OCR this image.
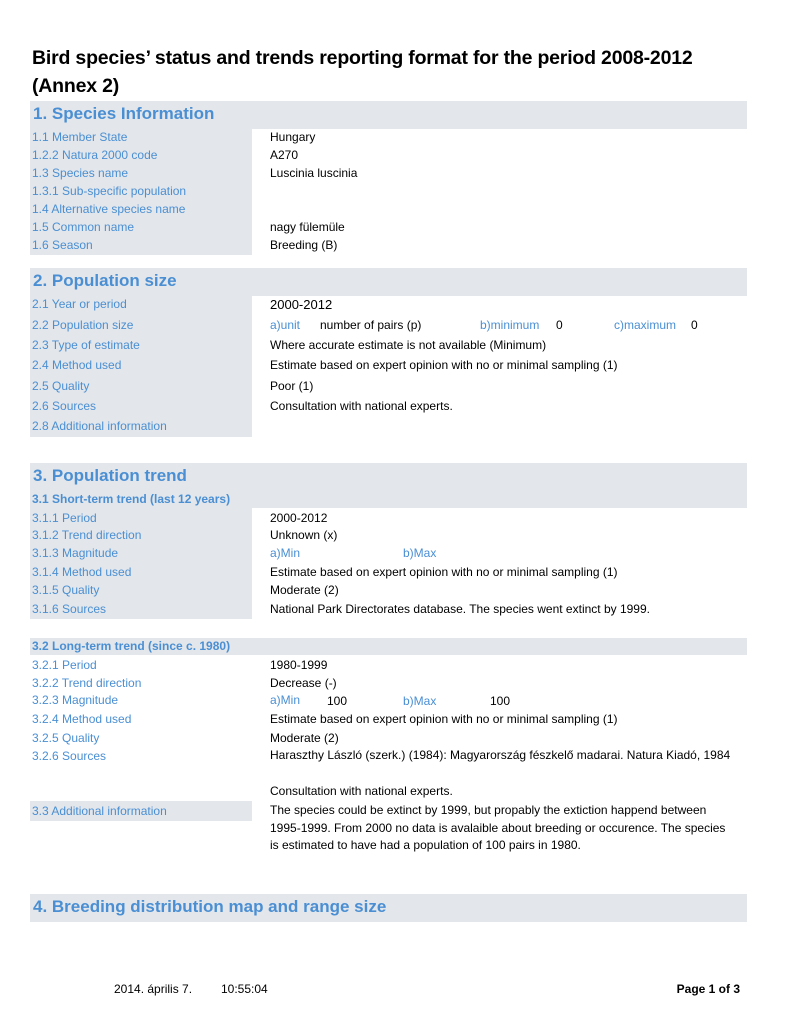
Bird species’ status and trends reporting format for the period 2008-2012 (Annex 2)
1. Species Information
1.1 Member State	Hungary
1.2.2 Natura 2000 code	A270
1.3 Species name	Luscinia luscinia
1.3.1 Sub-specific population
1.4 Alternative species name
1.5 Common name	nagy fülemüle
1.6 Season	Breeding (B)
2. Population size
2.1 Year or period	2000-2012
2.2 Population size	a)unit number of pairs (p)	b)minimum 0	c)maximum 0
2.3 Type of estimate	Where accurate estimate is not available (Minimum)
2.4 Method used	Estimate based on expert opinion with no or minimal sampling (1)
2.5 Quality	Poor (1)
2.6 Sources	Consultation with national experts.
2.8 Additional information
3. Population trend
3.1 Short-term trend (last 12 years)
3.1.1 Period	2000-2012
3.1.2 Trend direction	Unknown (x)
3.1.3 Magnitude	a)Min	b)Max
3.1.4 Method used	Estimate based on expert opinion with no or minimal sampling (1)
3.1.5 Quality	Moderate (2)
3.1.6 Sources	National Park Directorates database. The species went extinct by 1999.
3.2 Long-term trend (since c. 1980)
3.2.1 Period	1980-1999
3.2.2 Trend direction	Decrease (-)
3.2.3 Magnitude	a)Min 100	b)Max	100
3.2.4 Method used	Estimate based on expert opinion with no or minimal sampling (1)
3.2.5 Quality	Moderate (2)
3.2.6 Sources	Haraszthy László (szerk.) (1984): Magyarország fészkelő madarai. Natura Kiadó, 1984
Consultation with national experts.
3.3 Additional information	The species could be extinct by 1999, but propably the extiction happend between 1995-1999. From 2000 no data is avalaible about breeding or occurence. The species is estimated to have had a population of 100 pairs in 1980.
4. Breeding distribution map and range size
2014. április 7. 10:55:04	Page 1 of 3
